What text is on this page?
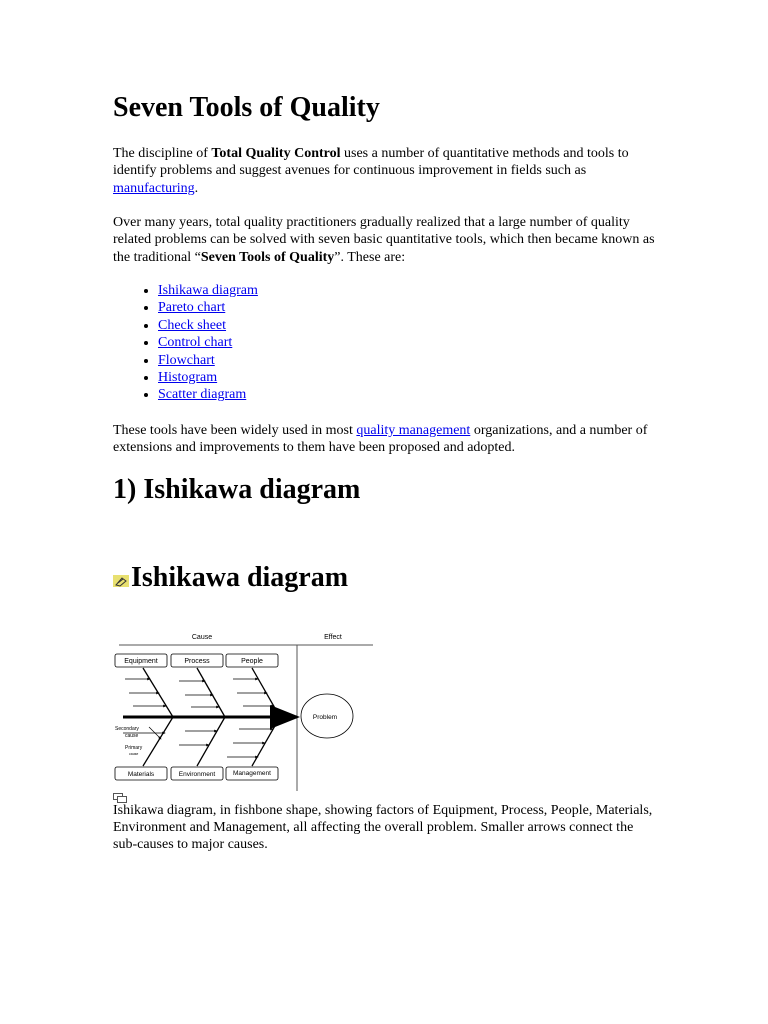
Seven Tools of Quality

The discipline of Total Quality Control uses a number of quantitative methods and tools to identify problems and suggest avenues for continuous improvement in fields such as manufacturing.

Over many years, total quality practitioners gradually realized that a large number of quality related problems can be solved with seven basic quantitative tools, which then became known as the traditional “Seven Tools of Quality”. These are:

• Ishikawa diagram
• Pareto chart
• Check sheet
• Control chart
• Flowchart
• Histogram
• Scatter diagram

These tools have been widely used in most quality management organizations, and a number of extensions and improvements to them have been proposed and adopted.

1) Ishikawa diagram
Ishikawa diagram
Cause	Effect
Equipment	Process	People
Materials	Environment	Management
Secondary
cause
Primary
cause
Problem

Ishikawa diagram, in fishbone shape, showing factors of Equipment, Process, People, Materials, Environment and Management, all affecting the overall problem. Smaller arrows connect the sub-causes to major causes.
